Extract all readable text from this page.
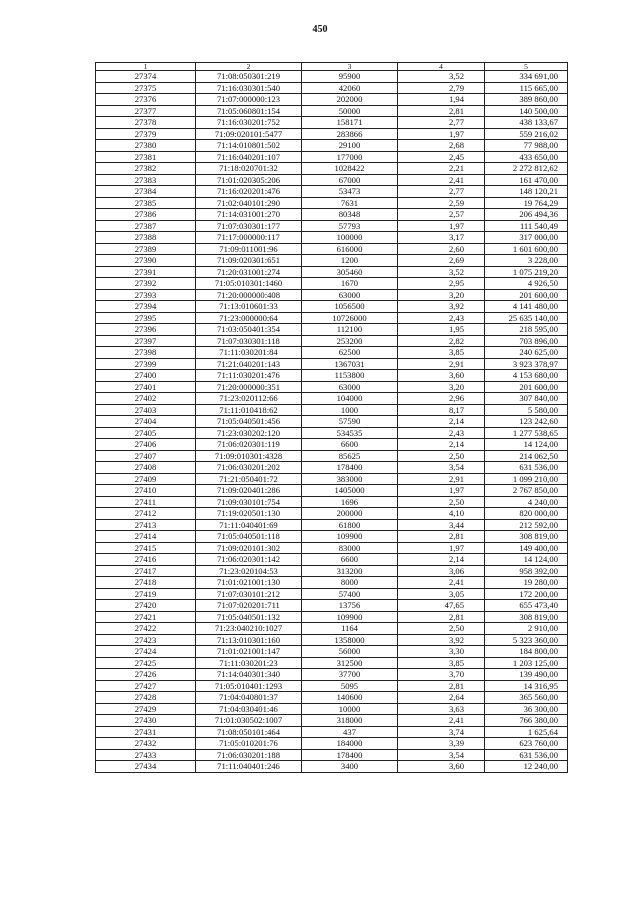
450
1	2	3	4	5
27374	71:08:050301:219	95900	3,52	334 691,00
27375	71:16:030301:540	42060	2,79	115 665,00
27376	71:07:000000:123	202000	1,94	389 860,00
27377	71:05:060801:154	50000	2,81	140 500,00
27378	71:16:030201:752	158171	2,77	438 133,67
27379	71:09:020101:5477	283866	1,97	559 216,02
27380	71:14:010801:502	29100	2,68	77 988,00
27381	71:16:040201:107	177000	2,45	433 650,00
27382	71:18:020701:32	1028422	2,21	2 272 812,62
27383	71:01:020305:206	67000	2,41	161 470,00
27384	71:16:020201:476	53473	2,77	148 120,21
27385	71:02:040101:290	7631	2,59	19 764,29
27386	71:14:031001:270	80348	2,57	206 494,36
27387	71:07:030301:177	57793	1,97	111 540,49
27388	71:17:000000:117	100000	3,17	317 000,00
27389	71:09:011001:96	616000	2,60	1 601 600,00
27390	71:09:020301:651	1200	2,69	3 228,00
27391	71:20:031001:274	305460	3,52	1 075 219,20
27392	71:05:010301:1460	1670	2,95	4 926,50
27393	71:20:000000:408	63000	3,20	201 600,00
27394	71:13:010601:33	1056500	3,92	4 141 480,00
27395	71:23:000000:64	10726000	2,43	25 635 140,00
27396	71:03:050401:354	112100	1,95	218 595,00
27397	71:07:030301:118	253200	2,82	703 896,00
27398	71:11:030201:84	62500	3,85	240 625,00
27399	71:21:040201:143	1367031	2,91	3 923 378,97
27400	71:11:030201:476	1153800	3,60	4 153 680,00
27401	71:20:000000:351	63000	3,20	201 600,00
27402	71:23:020112:66	104000	2,96	307 840,00
27403	71:11:010418:62	1000	8,17	5 580,00
27404	71:05:040501:456	57590	2,14	123 242,60
27405	71:23:030202:120	534535	2,43	1 277 538,65
27406	71:06:020301:119	6600	2,14	14 124,00
27407	71:09:010301:4328	85625	2,50	214 062,50
27408	71:06:030201:202	178400	3,54	631 536,00
27409	71:21:050401:72	383000	2,91	1 099 210,00
27410	71:09:020401:286	1405000	1,97	2 767 850,00
27411	71:09:030101:754	1696	2,50	4 240,00
27412	71:19:020501:130	200000	4,10	820 000,00
27413	71:11:040401:69	61800	3,44	212 592,00
27414	71:05:040501:118	109900	2,81	308 819,00
27415	71:09:020101:302	83000	1,97	149 400,00
27416	71:06:020301:142	6600	2,14	14 124,00
27417	71:23:020104:53	313200	3,06	958 392,00
27418	71:01:021001:130	8000	2,41	19 280,00
27419	71:07:030101:212	57400	3,05	172 200,00
27420	71:07:020201:711	13756	47,65	655 473,40
27421	71:05:040501:132	109900	2,81	308 819,00
27422	71:23:040210:1027	1164	2,50	2 910,00
27423	71:13:010301:160	1358000	3,92	5 323 360,00
27424	71:01:021001:147	56000	3,30	184 800,00
27425	71:11:030201:23	312500	3,85	1 203 125,00
27426	71:14:040301:340	37700	3,70	139 490,00
27427	71:05:010401:1293	5095	2,81	14 316,95
27428	71:04:040801:37	140600	2,64	365 560,00
27429	71:04:030401:46	10000	3,63	36 300,00
27430	71:01:030502:1007	318000	2,41	766 380,00
27431	71:08:050101:464	437	3,74	1 625,64
27432	71:05:010201:76	184000	3,39	623 760,00
27433	71:06:030201:188	178400	3,54	631 536,00
27434	71:11:040401:246	3400	3,60	12 240,00
